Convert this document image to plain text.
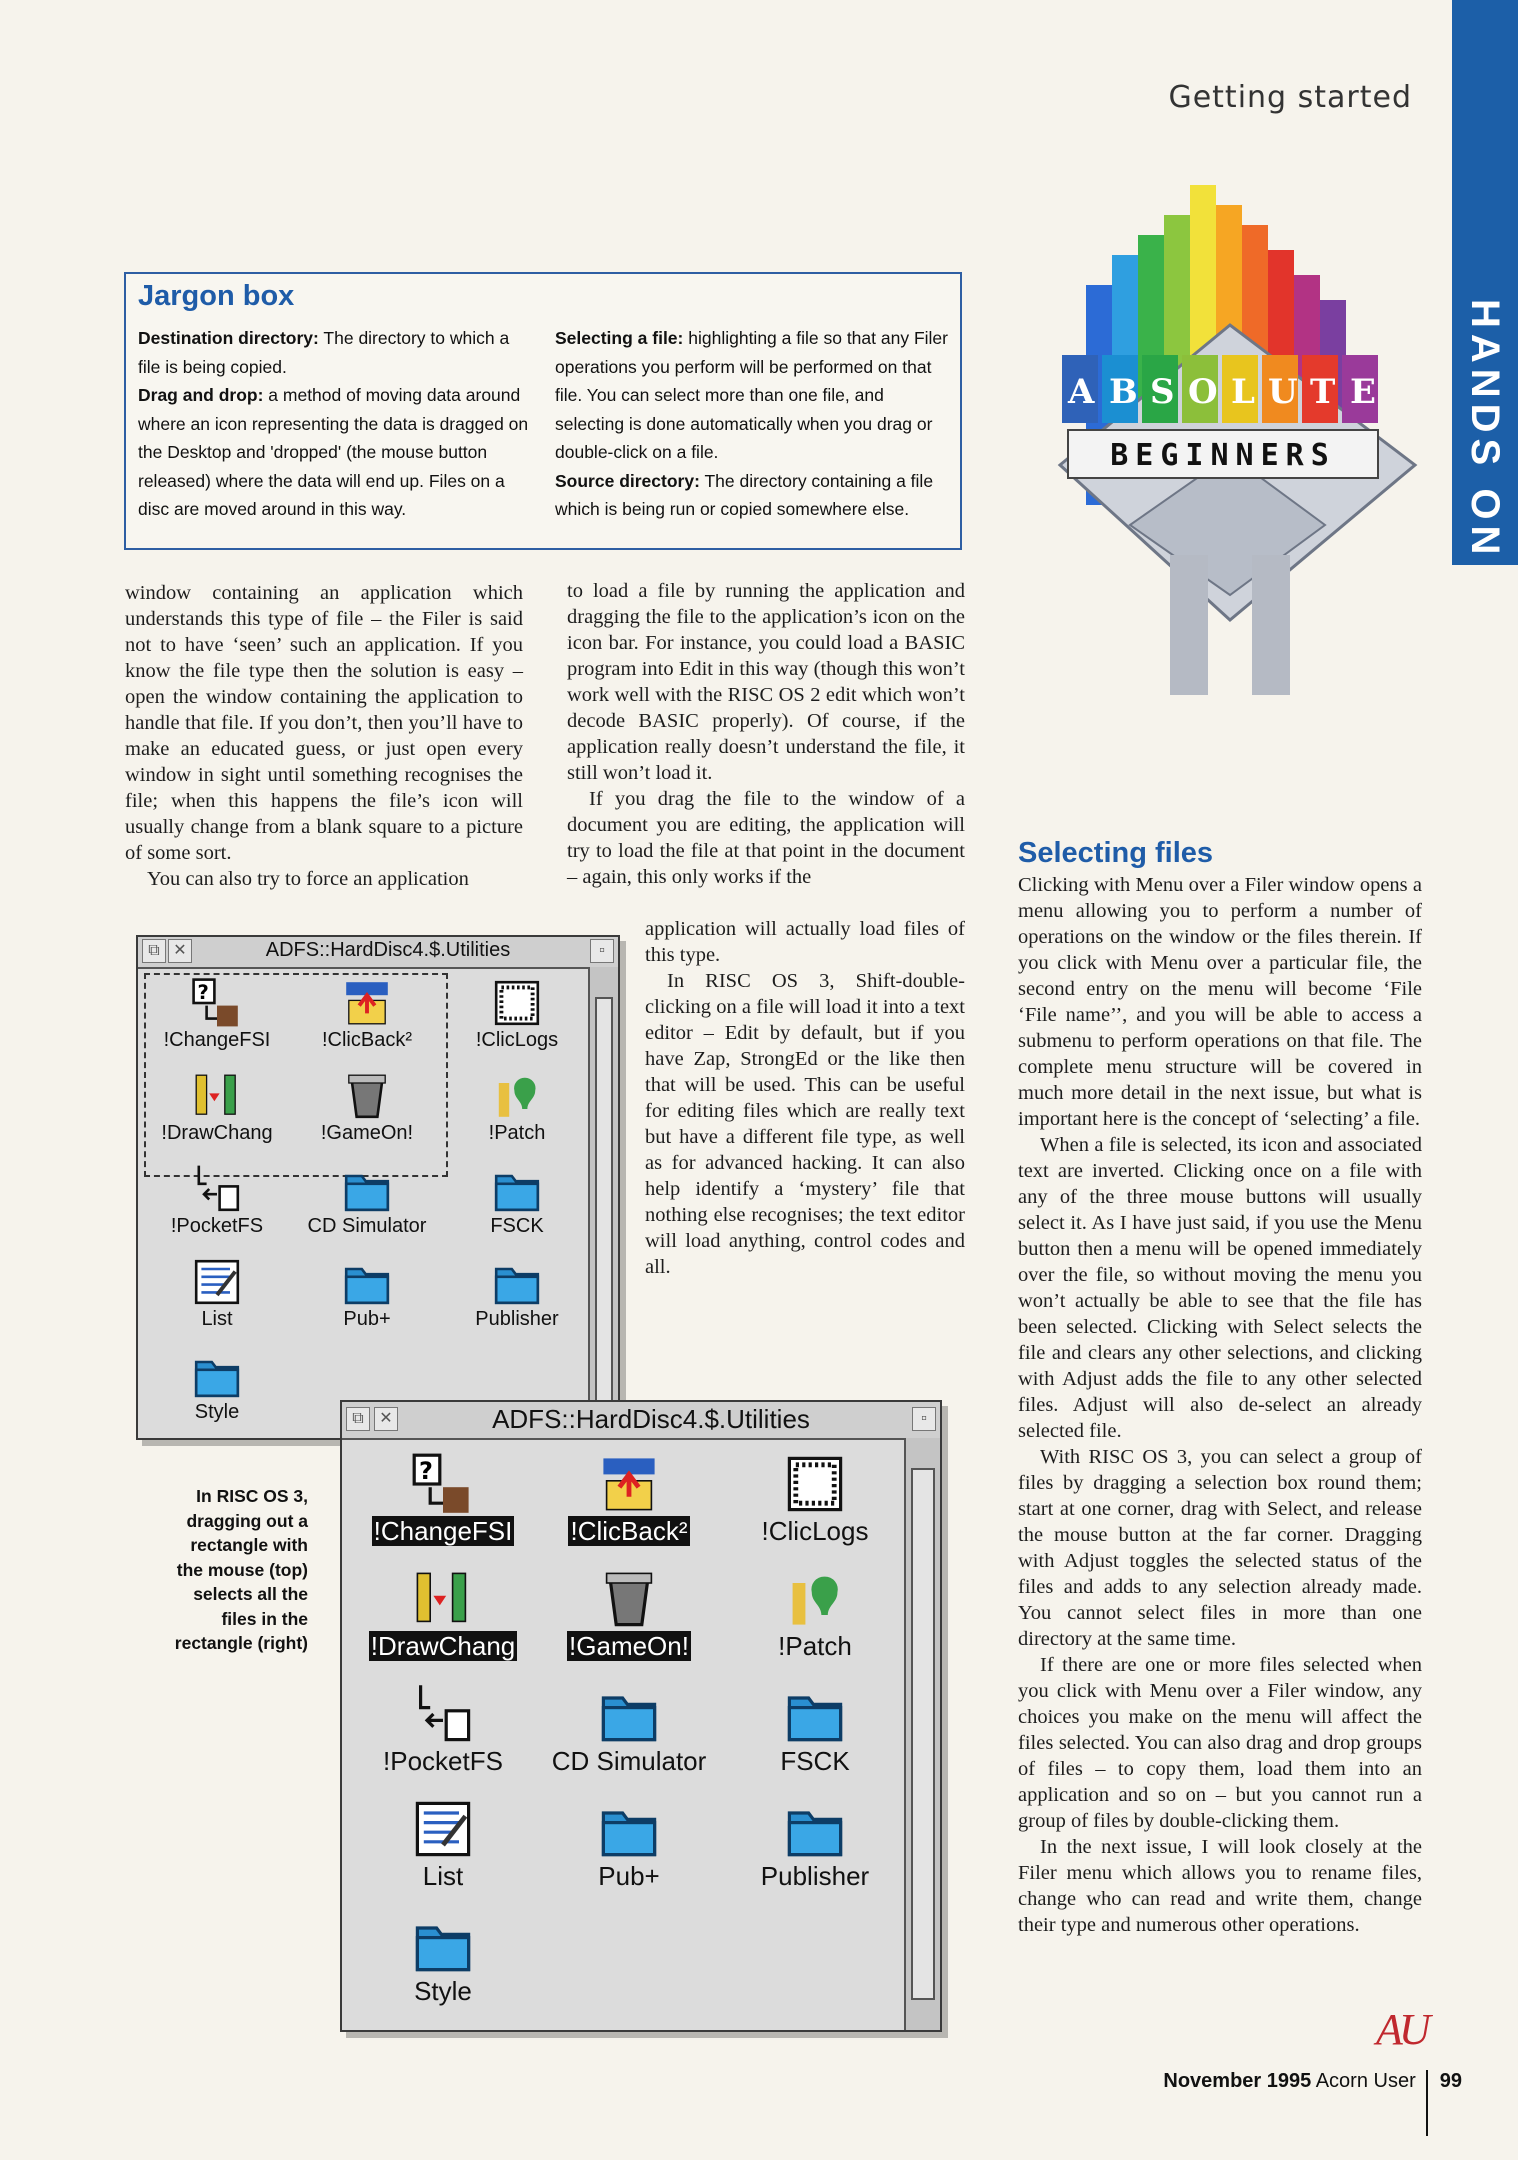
HANDS ON
Getting started
A B S O L U T E
BEGINNERS
Jargon box
Destination directory: The directory to which a file is being copied.
Drag and drop: a method of moving data around where an icon representing the data is dragged on the Desktop and 'dropped' (the mouse button released) where the data will end up. Files on a disc are moved around in this way.
Selecting a file: highlighting a file so that any Filer operations you perform will be performed on that file. You can select more than one file, and selecting is done automatically when you drag or double-click on a file.
Source directory: The directory containing a file which is being run or copied somewhere else.

window containing an application which understands this type of file – the Filer is said not to have ‘seen’ such an application. If you know the file type then the solution is easy – open the window containing the application to handle that file. If you don’t, then you’ll have to make an educated guess, or just open every window in sight until something recognises the file; when this happens the file’s icon will usually change from a blank square to a picture of some sort.

You can also try to force an application

to load a file by running the application and dragging the file to the application’s icon on the icon bar. For instance, you could load a BASIC program into Edit in this way (though this won’t work well with the RISC OS 2 edit which won’t decode BASIC properly). Of course, if the application really doesn’t understand the file, it still won’t load it.

If you drag the file to the window of a document you are editing, the application will try to load the file at that point in the document – again, this only works if the

application will actually load files of this type.

In RISC OS 3, Shift-double-clicking on a file will load it into a text editor – Edit by default, but if you have Zap, StrongEd or the like then that will be used. This can be useful for editing files which are really text but have a different file type, as well as for advanced hacking. It can also help identify a ‘mystery’ file that nothing else recognises; the text editor will load anything, control codes and all.

Selecting files

Clicking with Menu over a Filer window opens a menu allowing you to perform a number of operations on the window or the files therein. If you click with Menu over a particular file, the second entry on the menu will become ‘File ‘File name’’, and you will be able to access a submenu to perform operations on that file. The complete menu structure will be covered in much more detail in the next issue, but what is important here is the concept of ‘selecting’ a file.

When a file is selected, its icon and associated text are inverted. Clicking once on a file with any of the three mouse buttons will usually select it. As I have just said, if you use the Menu button then a menu will be opened immediately over the file, so without moving the menu you won’t actually be able to see that the file has been selected. Clicking with Select selects the file and clears any other selections, and clicking with Adjust adds the file to any other selected files. Adjust will also de-select an already selected file.

With RISC OS 3, you can select a group of files by dragging a selection box round them; start at one corner, drag with Select, and release the mouse button at the far corner. Dragging with Adjust toggles the selected status of the files and adds to any selection already made. You cannot select files in more than one directory at the same time.

If there are one or more files selected when you click with Menu over a Filer window, any choices you make on the menu will affect the files selected. You can also drag and drop groups of files – to copy them, load them into an application and so on – but you cannot run a group of files by double-clicking them.

In the next issue, I will look closely at the Filer menu which allows you to rename files, change who can read and write them, change their type and numerous other operations.

⧉ ✕	ADFS::HardDisc4.$.Utilities	▫
?
!ChangeFSI	!ClicBack²	!ClicLogs
!DrawChang	!GameOn!	!Patch
!PocketFS	CD Simulator	FSCK
List	Pub+	Publisher
Style	⧉ ✕	ADFS::HardDisc4.$.Utilities	▫
?
!ChangeFSI	!ClicBack²	!ClicLogs
!DrawChang	!GameOn!	!Patch
!PocketFS	CD Simulator	FSCK
List	Pub+	Publisher
Style
In RISC OS 3, dragging out a rectangle with the mouse (top) selects all the files in the rectangle (right)
AU
November 1995 Acorn User 99
